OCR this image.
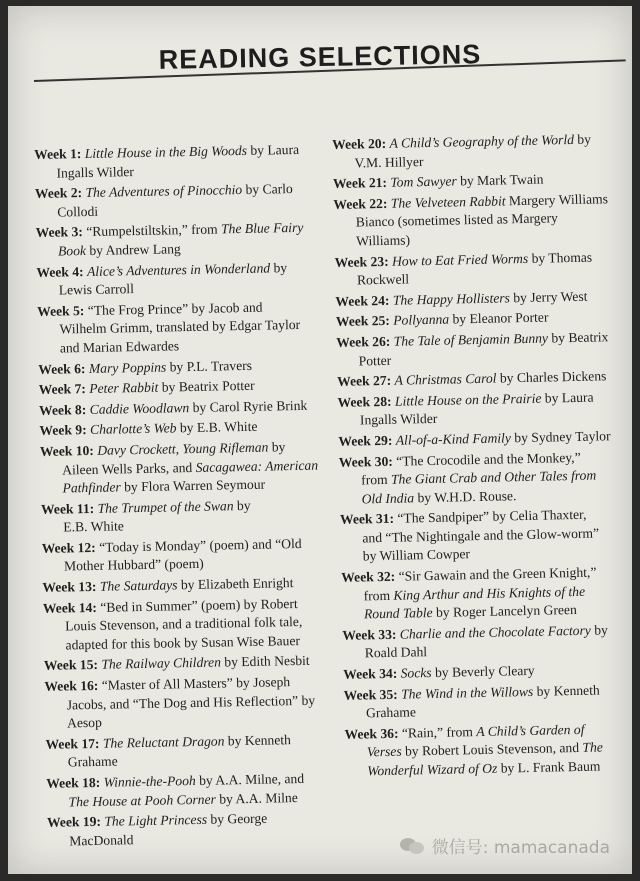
READING SELECTIONS
Week 1: Little House in the Big Woods by Laura
Ingalls Wilder
Week 2: The Adventures of Pinocchio by Carlo
Collodi
Week 3: “Rumpelstiltskin,” from The Blue Fairy
Book by Andrew Lang
Week 4: Alice’s Adventures in Wonderland by
Lewis Carroll
Week 5: “The Frog Prince” by Jacob and
Wilhelm Grimm, translated by Edgar Taylor
and Marian Edwardes
Week 6: Mary Poppins by P.L. Travers
Week 7: Peter Rabbit by Beatrix Potter
Week 8: Caddie Woodlawn by Carol Ryrie Brink
Week 9: Charlotte’s Web by E.B. White
Week 10: Davy Crockett, Young Rifleman by
Aileen Wells Parks, and Sacagawea: American
Pathfinder by Flora Warren Seymour
Week 11: The Trumpet of the Swan by
E.B. White
Week 12: “Today is Monday” (poem) and “Old
Mother Hubbard” (poem)
Week 13: The Saturdays by Elizabeth Enright
Week 14: “Bed in Summer” (poem) by Robert
Louis Stevenson, and a traditional folk tale,
adapted for this book by Susan Wise Bauer
Week 15: The Railway Children by Edith Nesbit
Week 16: “Master of All Masters” by Joseph
Jacobs, and “The Dog and His Reflection” by
Aesop
Week 17: The Reluctant Dragon by Kenneth
Grahame
Week 18: Winnie-the-Pooh by A.A. Milne, and
The House at Pooh Corner by A.A. Milne
Week 19: The Light Princess by George
MacDonald
Week 20: A Child’s Geography of the World by
V.M. Hillyer
Week 21: Tom Sawyer by Mark Twain
Week 22: The Velveteen Rabbit Margery Williams
Bianco (sometimes listed as Margery
Williams)
Week 23: How to Eat Fried Worms by Thomas
Rockwell
Week 24: The Happy Hollisters by Jerry West
Week 25: Pollyanna by Eleanor Porter
Week 26: The Tale of Benjamin Bunny by Beatrix
Potter
Week 27: A Christmas Carol by Charles Dickens
Week 28: Little House on the Prairie by Laura
Ingalls Wilder
Week 29: All-of-a-Kind Family by Sydney Taylor
Week 30: “The Crocodile and the Monkey,”
from The Giant Crab and Other Tales from
Old India by W.H.D. Rouse.
Week 31: “The Sandpiper” by Celia Thaxter,
and “The Nightingale and the Glow-worm”
by William Cowper
Week 32: “Sir Gawain and the Green Knight,”
from King Arthur and His Knights of the
Round Table by Roger Lancelyn Green
Week 33: Charlie and the Chocolate Factory by
Roald Dahl
Week 34: Socks by Beverly Cleary
Week 35: The Wind in the Willows by Kenneth
Grahame
Week 36: “Rain,” from A Child’s Garden of
Verses by Robert Louis Stevenson, and The
Wonderful Wizard of Oz by L. Frank Baum
微信号: mamacanada
